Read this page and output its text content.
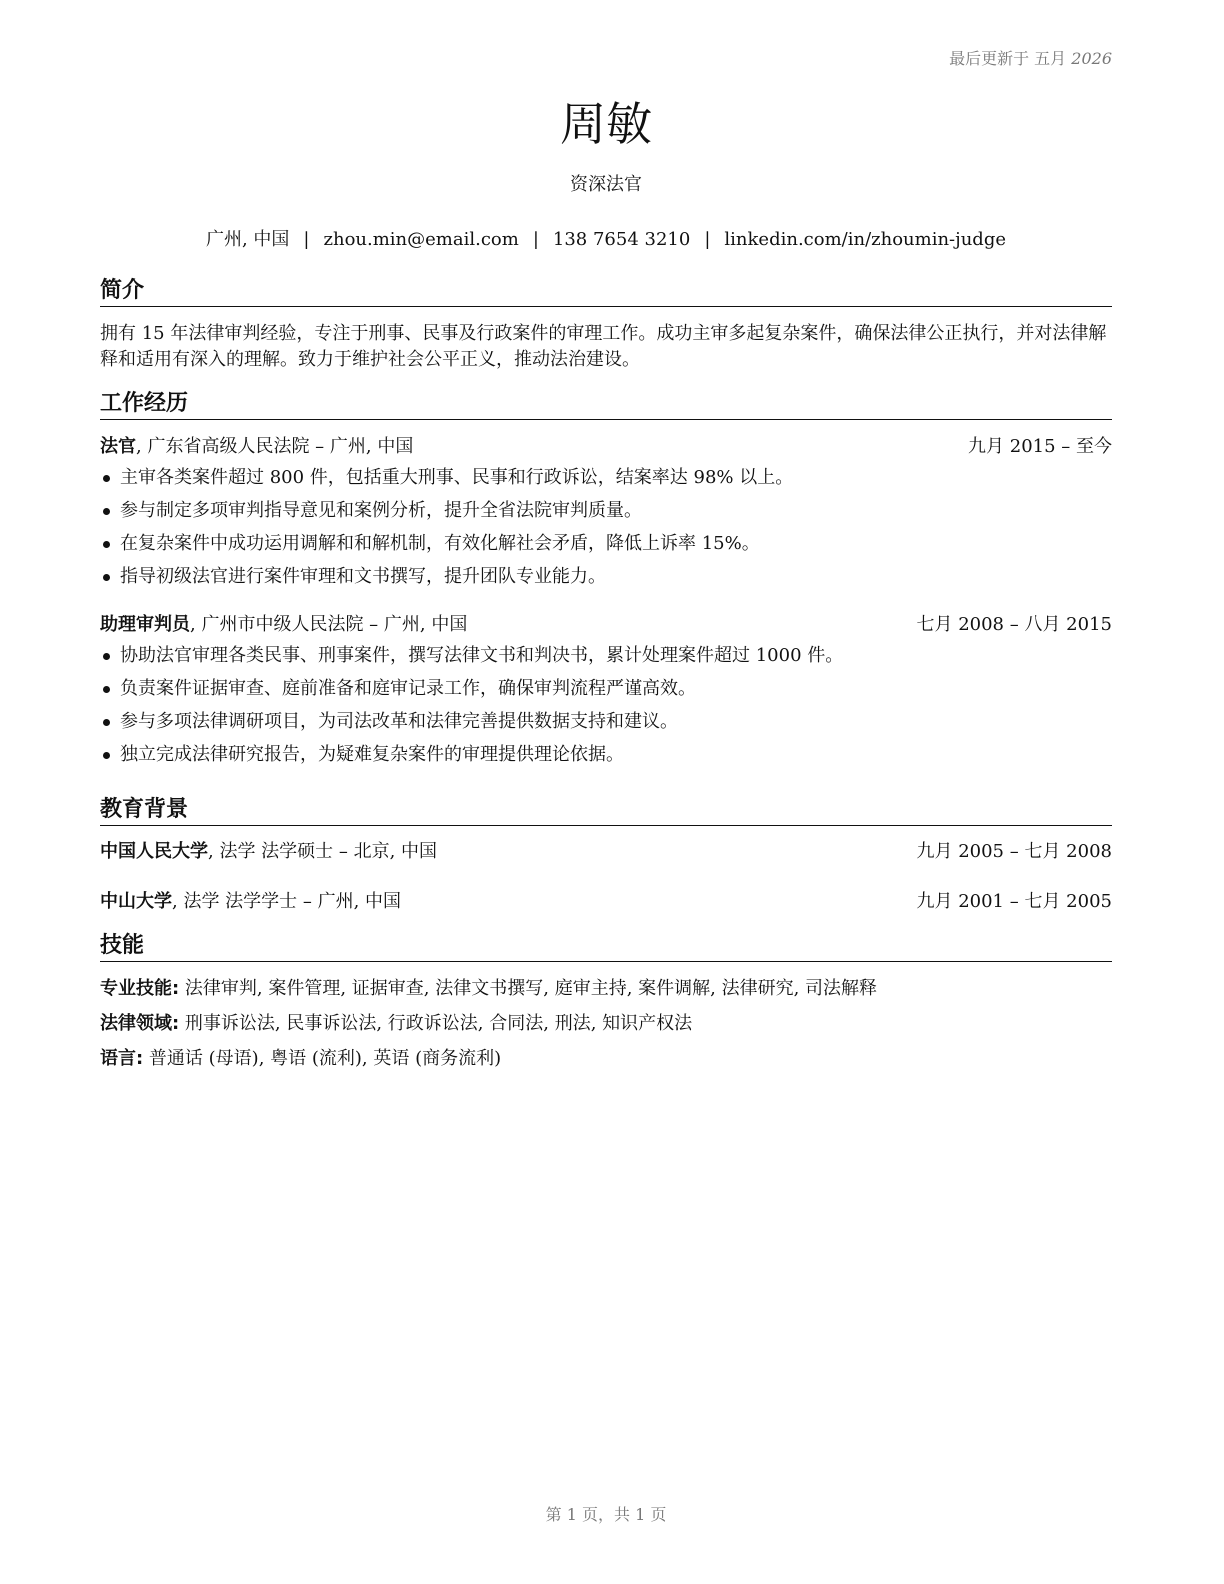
最后更新于 五月 2026
周敏
资深法官
广州, 中国 | zhou.min@email.com | 138 7654 3210 | linkedin.com/in/zhoumin-judge
简介
拥有 15 年法律审判经验，专注于刑事、民事及行政案件的审理工作。成功主审多起复杂案件，确保法律公正执行，并对法律解释和适用有深入的理解。致力于维护社会公平正义，推动法治建设。
工作经历
法官, 广东省高级人民法院 – 广州, 中国	九月 2015 – 至今
主审各类案件超过 800 件，包括重大刑事、民事和行政诉讼，结案率达 98% 以上。
参与制定多项审判指导意见和案例分析，提升全省法院审判质量。
在复杂案件中成功运用调解和和解机制，有效化解社会矛盾，降低上诉率 15%。
指导初级法官进行案件审理和文书撰写，提升团队专业能力。
助理审判员, 广州市中级人民法院 – 广州, 中国	七月 2008 – 八月 2015
协助法官审理各类民事、刑事案件，撰写法律文书和判决书，累计处理案件超过 1000 件。
负责案件证据审查、庭前准备和庭审记录工作，确保审判流程严谨高效。
参与多项法律调研项目，为司法改革和法律完善提供数据支持和建议。
独立完成法律研究报告，为疑难复杂案件的审理提供理论依据。
教育背景
中国人民大学, 法学 法学硕士 – 北京, 中国	九月 2005 – 七月 2008
中山大学, 法学 法学学士 – 广州, 中国	九月 2001 – 七月 2005
技能
专业技能: 法律审判, 案件管理, 证据审查, 法律文书撰写, 庭审主持, 案件调解, 法律研究, 司法解释
法律领域: 刑事诉讼法, 民事诉讼法, 行政诉讼法, 合同法, 刑法, 知识产权法
语言: 普通话 (母语), 粤语 (流利), 英语 (商务流利)
第 1 页，共 1 页
